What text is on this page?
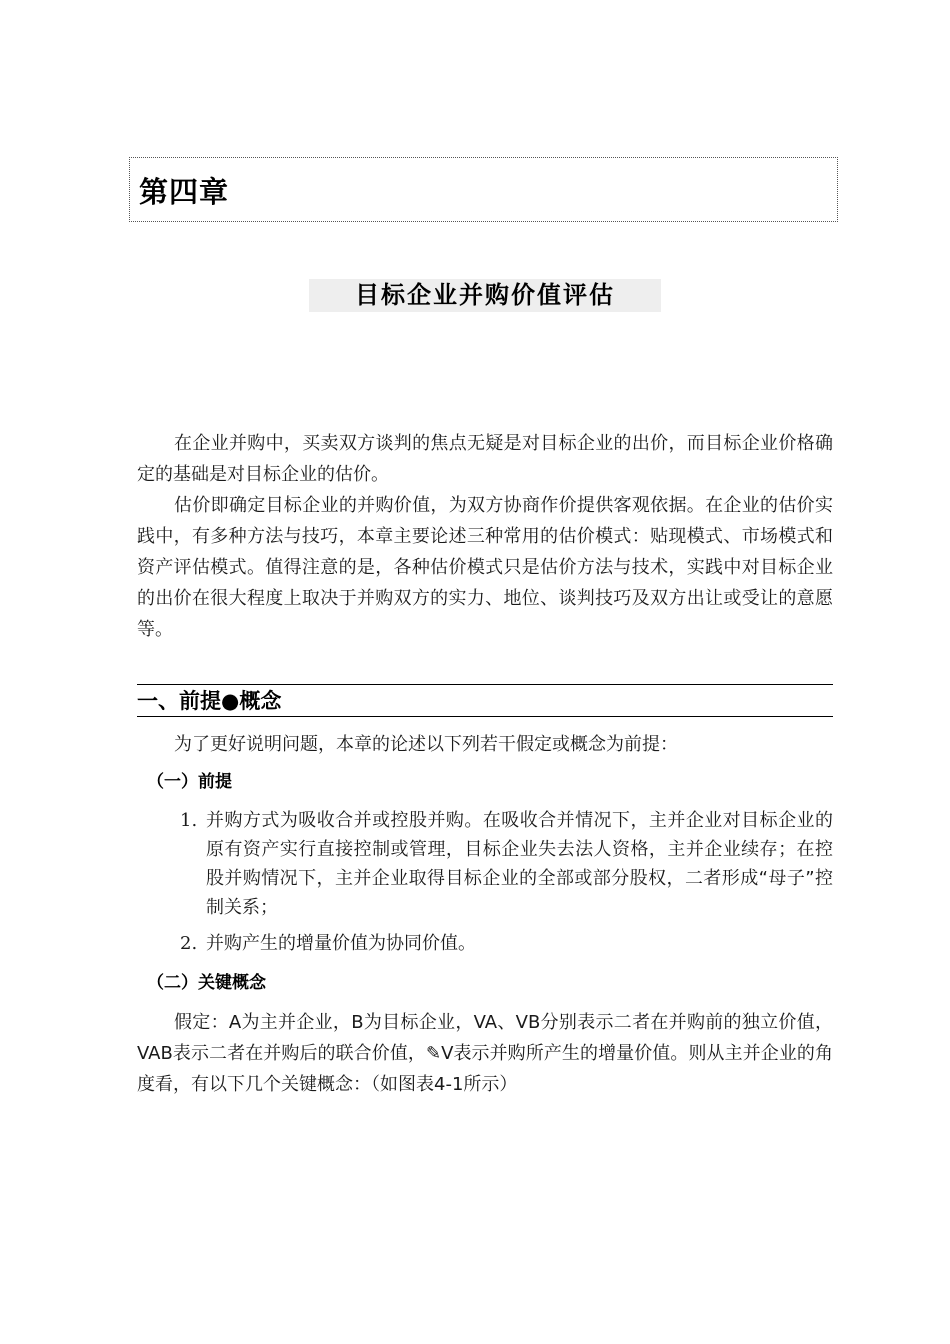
第四章
目标企业并购价值评估

在企业并购中，买卖双方谈判的焦点无疑是对目标企业的出价，而目标企业价格确定的基础是对目标企业的估价。

估价即确定目标企业的并购价值，为双方协商作价提供客观依据。在企业的估价实践中，有多种方法与技巧，本章主要论述三种常用的估价模式：贴现模式、市场模式和资产评估模式。值得注意的是，各种估价模式只是估价方法与技术，实践中对目标企业的出价在很大程度上取决于并购双方的实力、地位、谈判技巧及双方出让或受让的意愿等。

一、前提●概念

为了更好说明问题，本章的论述以下列若干假定或概念为前提：

（一）前提
1. 并购方式为吸收合并或控股并购。在吸收合并情况下，主并企业对目标企业的原有资产实行直接控制或管理，目标企业失去法人资格，主并企业续存；在控股并购情况下，主并企业取得目标企业的全部或部分股权，二者形成“母子”控制关系；
2. 并购产生的增量价值为协同价值。
（二）关键概念

假定：A为主并企业，B为目标企业，VA、VB分别表示二者在并购前的独立价值，VAB表示二者在并购后的联合价值，✎V表示并购所产生的增量价值。则从主并企业的角度看，有以下几个关键概念：（如图表4-1所示）
